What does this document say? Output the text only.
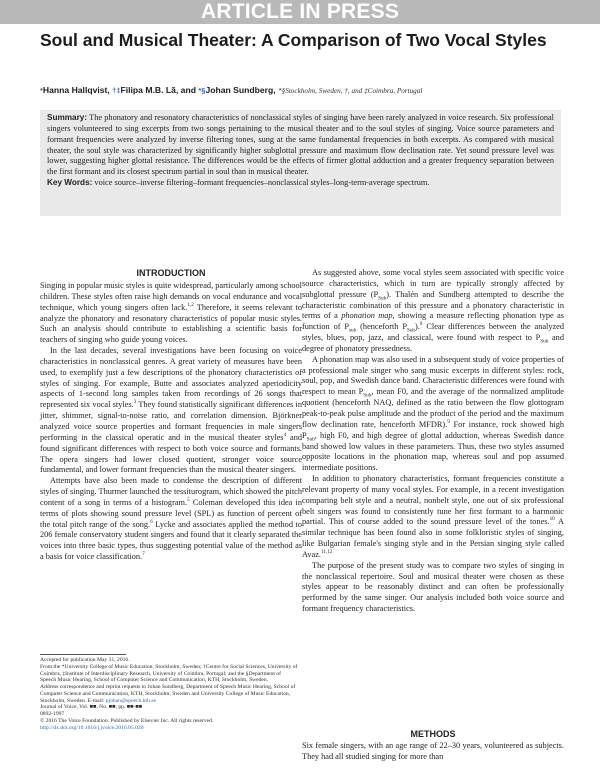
ARTICLE IN PRESS
Soul and Musical Theater: A Comparison of Two Vocal Styles
*Hanna Hallqvist, †‡Filipa M.B. Lã, and *§Johan Sundberg, *§Stockholm, Sweden, †, and ‡Coimbra, Portugal

Summary: The phonatory and resonatory characteristics of nonclassical styles of singing have been rarely analyzed in voice research. Six professional singers volunteered to sing excerpts from two songs pertaining to the musical theater and to the soul styles of singing. Voice source parameters and formant frequencies were analyzed by inverse filtering tones, sung at the same fundamental frequencies in both excerpts. As compared with musical theater, the soul style was characterized by significantly higher subglottal pressure and maximum flow declination rate. Yet sound pressure level was lower, suggesting higher glottal resistance. The differences would be the effects of firmer glottal adduction and a greater frequency separation between the first formant and its closest spectrum partial in soul than in musical theater.

Key Words: voice source–inverse filtering–formant frequencies–nonclassical styles–long-term-average spectrum.

INTRODUCTION

Singing in popular music styles is quite widespread, particularly among school children. These styles often raise high demands on vocal endurance and vocal technique, which young singers often lack.$^{1,2}$ Therefore, it seems relevant to analyze the phonatory and resonatory characteristics of popular music styles. Such an analysis should contribute to establishing a scientific basis for teachers of singing who guide young voices.

In the last decades, several investigations have been focusing on voice characteristics in nonclassical genres. A great variety of measures have been used, to exemplify just a few descriptions of the phonatory characteristics of styles of singing. For example, Butte and associates analyzed aperiodicity aspects of 1-second long samples taken from recordings of 26 songs that represented six vocal styles.$^3$ They found statistically significant differences in jitter, shimmer, signal-to-noise ratio, and correlation dimension. Björkner analyzed voice source properties and formant frequencies in male singers performing in the classical operatic and in the musical theater styles$^4$ and found significant differences with respect to both voice source and formants. The opera singers had lower closed quotient, stronger voice source fundamental, and lower formant frequencies than the musical theater singers.

Attempts have also been made to condense the description of different styles of singing. Thurmer launched the tessiturogram, which showed the pitch content of a song in terms of a histogram.$^5$ Coleman developed this idea in terms of plots showing sound pressure level (SPL) as function of percent of the total pitch range of the song.$^6$ Lycke and associates applied the method to 206 female conservatory student singers and found that it clearly separated the voices into three basic types, thus suggesting potential value of the method as a basis for voice classification.$^7$

Accepted for publication May 31, 2016.
From the *University College of Music Education, Stockholm, Sweden; †Centre for Social Sciences, University of Coimbra, ‡Institute of Interdisciplinary Research, University of Coimbra, Portugal; and the §Department of Speech Music Hearing, School of Computer Science and Communication, KTH, Stockholm, Sweden.
Address correspondence and reprint requests to Johan Sundberg, Department of Speech Music Hearing, School of Computer Science and Communication, KTH, Stockholm, Sweden and University College of Music Education, Stockholm, Sweden. E-mail: pjohan@speech.kth.se
Journal of Voice, Vol. ■■, No. ■■, pp. ■■-■■
0892-1997
© 2016 The Voice Foundation. Published by Elsevier Inc. All rights reserved.
http://dx.doi.org/10.1016/j.jvoice.2016.05.020

As suggested above, some vocal styles seem associated with specific voice source characteristics, which in turn are typically strongly affected by subglottal pressure $(P_{Sub})$. Thalén and Sundberg attempted to describe the characteristic combination of this pressure and a phonatory characteristic in terms of a phonation map, showing a measure reflecting phonation type as function of $P_{sub}$ (henceforth $P_{Sub}).^8$ Clear differences between the analyzed styles, blues, pop, jazz, and classical, were found with respect to $P_{Sub}$ and degree of phonatory pressedness.

A phonation map was also used in a subsequent study of voice properties of a professional male singer who sang music excerpts in different styles: rock, soul, pop, and Swedish dance band. Characteristic differences were found with respect to mean $P_{Sub}$, mean F0, and the average of the normalized amplitude quotient (henceforth NAQ, defined as the ratio between the flow glottogram peak-to-peak pulse amplitude and the product of the period and the maximum flow declination rate, henceforth MFDR).$^9$ For instance, rock showed high $P_{Sub}$, high F0, and high degree of glottal adduction, whereas Swedish dance band showed low values in these parameters. Thus, these two styles assumed opposite locations in the phonation map, whereas soul and pop assumed intermediate positions.

In addition to phonatory characteristics, formant frequencies constitute a relevant property of many vocal styles. For example, in a recent investigation comparing belt style and a neutral, nonbelt style, one out of six professional belt singers was found to consistently tune her first formant to a harmonic partial. This of course added to the sound pressure level of the tones.$^{10}$ A similar technique has been found also in some folkloristic styles of singing, like Bulgarian female's singing style and in the Persian singing style called Avaz.$^{11,12}$

The purpose of the present study was to compare two styles of singing in the nonclassical repertoire. Soul and musical theater were chosen as these styles appear to be reasonably distinct and can often be professionally performed by the same singer. Our analysis included both voice source and formant frequency characteristics.

METHODS
Six female singers, with an age range of 22–30 years, volunteered as subjects. They had all studied singing for more than
